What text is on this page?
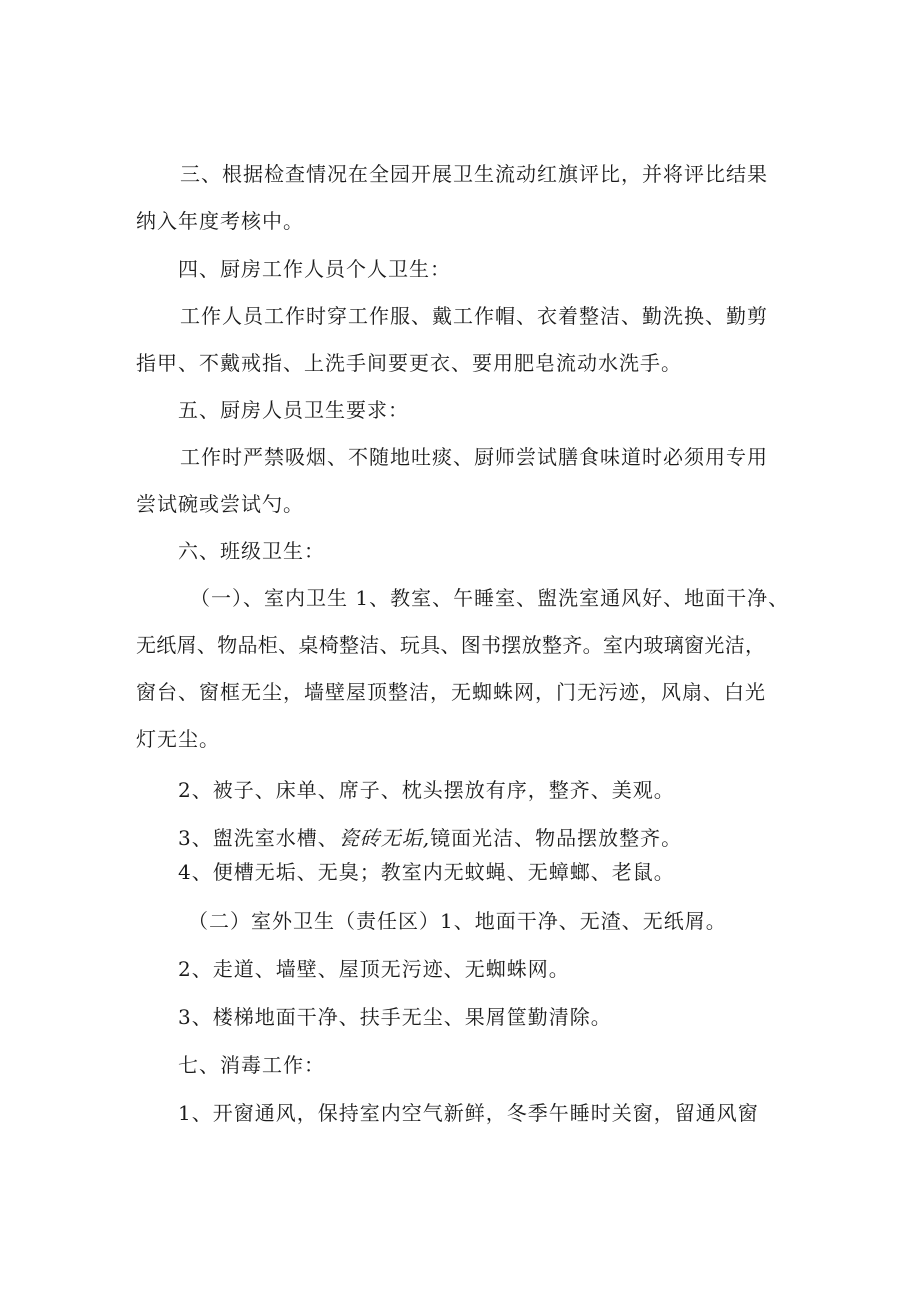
三、根据检查情况在全园开展卫生流动红旗评比，并将评比结果
纳入年度考核中。
四、厨房工作人员个人卫生：
工作人员工作时穿工作服、戴工作帽、衣着整洁、勤洗换、勤剪
指甲、不戴戒指、上洗手间要更衣、要用肥皂流动水洗手。
五、厨房人员卫生要求：
工作时严禁吸烟、不随地吐痰、厨师尝试膳食味道时必须用专用
尝试碗或尝试勺。
六、班级卫生：
（一）、室内卫生 1、教室、午睡室、盥洗室通风好、地面干净、
无纸屑、物品柜、桌椅整洁、玩具、图书摆放整齐。室内玻璃窗光洁，
窗台、窗框无尘，墙壁屋顶整洁，无蜘蛛网，门无污迹，风扇、白光
灯无尘。
2、被子、床单、席子、枕头摆放有序，整齐、美观。
3、盥洗室水槽、瓷砖无垢,镜面光洁、物品摆放整齐。
4、便槽无垢、无臭；教室内无蚊蝇、无蟑螂、老鼠。
（二）室外卫生（责任区）1、地面干净、无渣、无纸屑。
2、走道、墙壁、屋顶无污迹、无蜘蛛网。
3、楼梯地面干净、扶手无尘、果屑筐勤清除。
七、消毒工作：
1、开窗通风，保持室内空气新鲜，冬季午睡时关窗，留通风窗
